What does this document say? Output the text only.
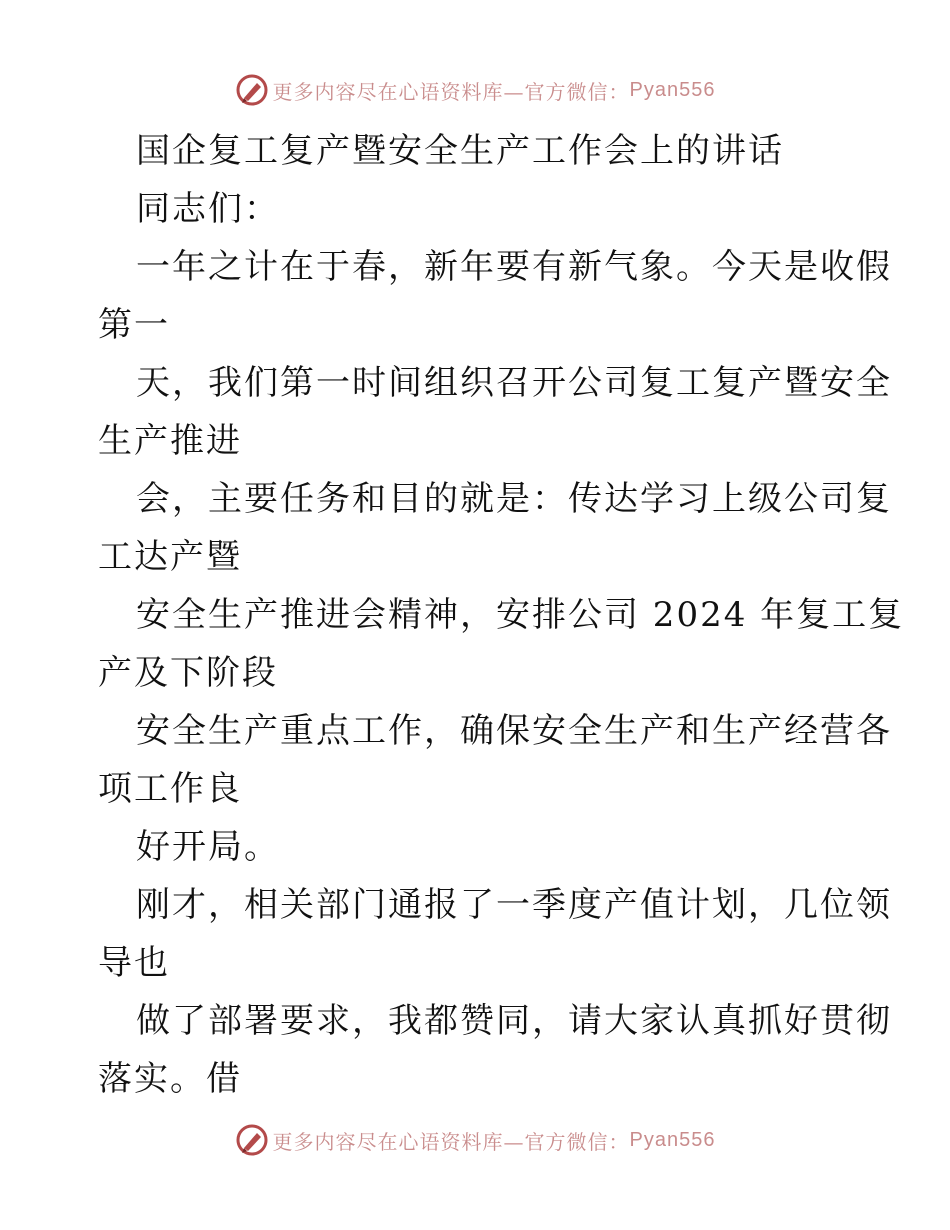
更多内容尽在心语资料库—官方微信： Pyan556
国企复工复产暨安全生产工作会上的讲话
同志们：
一年之计在于春，新年要有新气象。今天是收假
第一
天，我们第一时间组织召开公司复工复产暨安全
生产推进
会，主要任务和目的就是：传达学习上级公司复
工达产暨
安全生产推进会精神，安排公司 2024 年复工复
产及下阶段
安全生产重点工作，确保安全生产和生产经营各
项工作良
好开局。
刚才，相关部门通报了一季度产值计划，几位领
导也
做了部署要求，我都赞同，请大家认真抓好贯彻
落实。借
更多内容尽在心语资料库—官方微信： Pyan556
